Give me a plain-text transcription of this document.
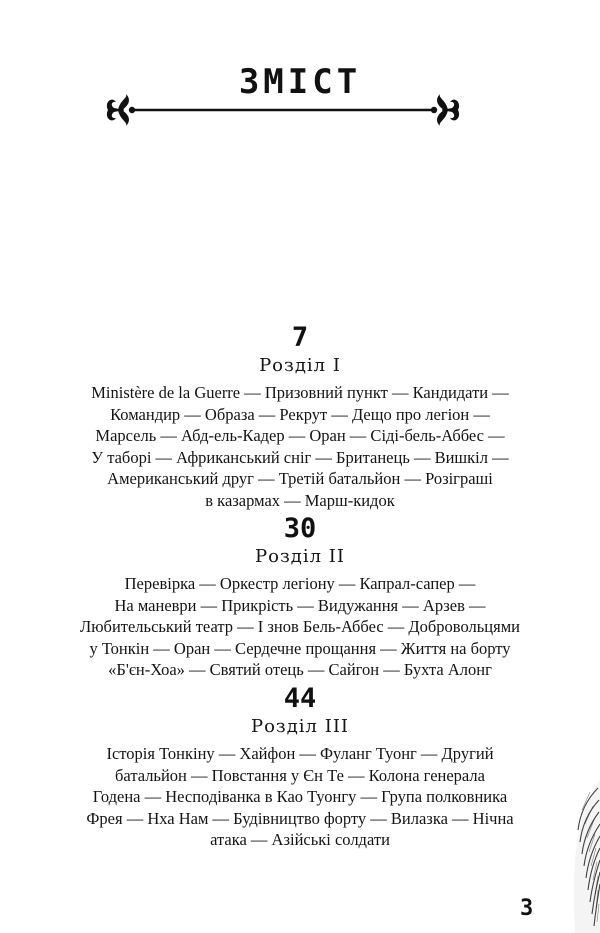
ЗМІСТ
7
Розділ І
Ministère de la Guerre — Призовний пункт — Кандидати —
Командир — Образа — Рекрут — Дещо про легіон —
Марсель — Абд-ель-Кадер — Оран — Сіді-бель-Аббес —
У таборі — Африканський сніг — Британець — Вишкіл —
Американський друг — Третій батальйон — Розіграші
в казармах — Марш-кидок
30
Розділ ІІ
Перевірка — Оркестр легіону — Капрал-сапер —
На маневри — Прикрість — Видужання — Арзев —
Любительський театр — І знов Бель-Аббес — Добровольцями
у Тонкін — Оран — Сердечне прощання — Життя на борту
«Б'єн-Хоа» — Святий отець — Сайгон — Бухта Алонг
44
Розділ ІІІ
Історія Тонкіну — Хайфон — Фуланг Туонг — Другий
батальйон — Повстання у Єн Те — Колона генерала
Годена — Несподіванка в Као Туонгу — Група полковника
Фрея — Нха Нам — Будівництво форту — Вилазка — Нічна
атака — Азійські солдати
3
